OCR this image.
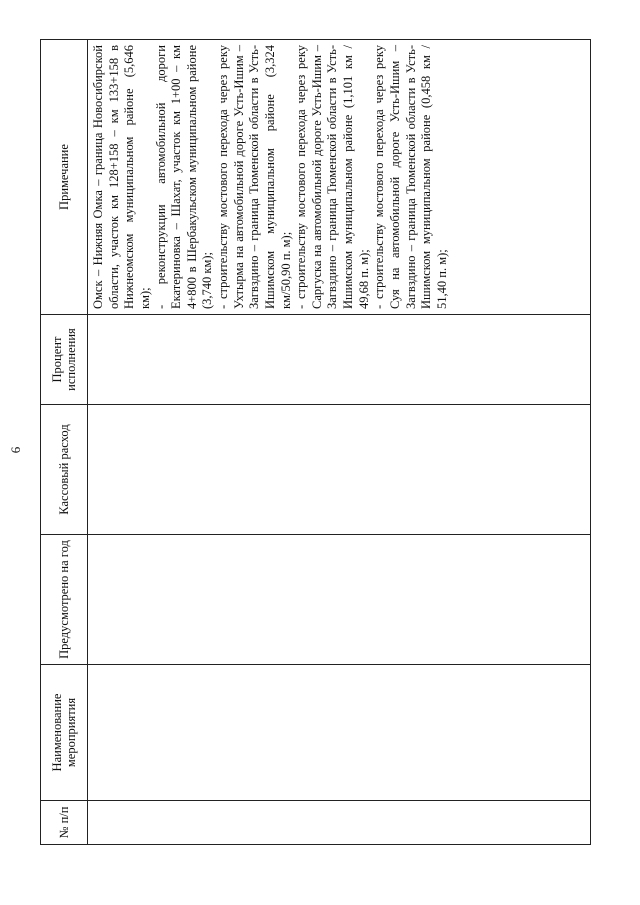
6
№ п/п	Наименование мероприятия	Предусмотрено на год	Кассовый расход	Процент исполнения	Примечание

					Омск – Нижняя Омка – граница Новосибирской области, участок км 128+158 – км 133+158 в Нижнеомском муниципальном районе (5,646 км); - реконструкции автомобильной дороги Екатериновка – Шахат, участок км 1+00 – км 4+800 в Шербакульском муниципальном районе (3,740 км); - строительству мостового перехода через реку Ухтырма на автомобильной дороге Усть-Ишим – Загвздино – граница Тюменской области в Усть-Ишимском муниципальном районе (3,324 км/50,90 п. м); - строительству мостового перехода через реку Саргуска на автомобильной дороге Усть-Ишим – Загвздино – граница Тюменской области в Усть-Ишимском муниципальном районе (1,101 км / 49,68 п. м); - строительству мостового перехода через реку Суя на автомобильной дороге Усть-Ишим – Загвздино – граница Тюменской области в Усть-Ишимском муниципальном районе (0,458 км / 51,40 п. м);
